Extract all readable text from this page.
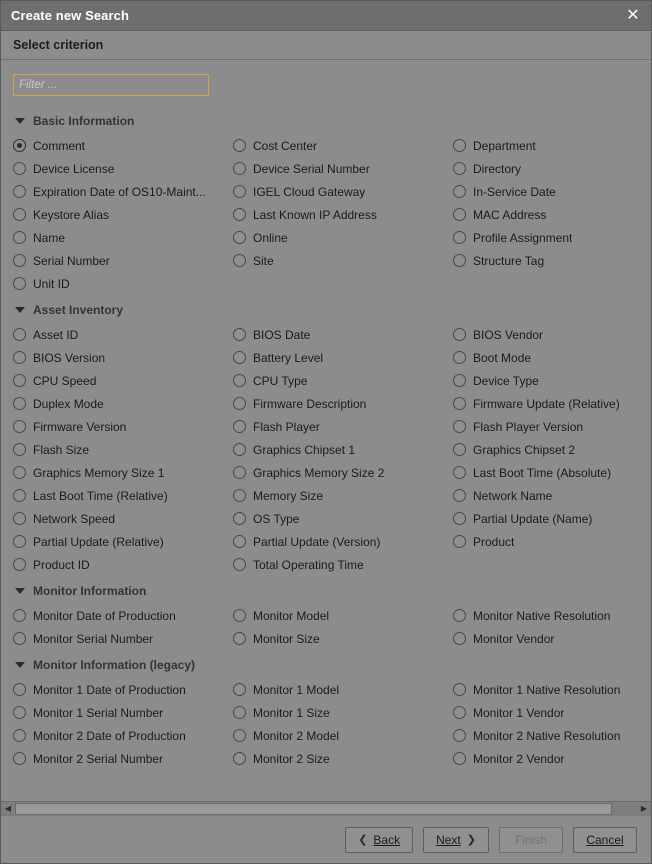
Create new Search	✕
Select criterion
Filter ...
Basic Information
Comment	Cost Center	Department
Device License	Device Serial Number	Directory
Expiration Date of OS10-Maint...	IGEL Cloud Gateway	In-Service Date
Keystore Alias	Last Known IP Address	MAC Address
Name	Online	Profile Assignment
Serial Number	Site	Structure Tag
Unit ID
Asset Inventory
Asset ID	BIOS Date	BIOS Vendor
BIOS Version	Battery Level	Boot Mode
CPU Speed	CPU Type	Device Type
Duplex Mode	Firmware Description	Firmware Update (Relative)
Firmware Version	Flash Player	Flash Player Version
Flash Size	Graphics Chipset 1	Graphics Chipset 2
Graphics Memory Size 1	Graphics Memory Size 2	Last Boot Time (Absolute)
Last Boot Time (Relative)	Memory Size	Network Name
Network Speed	OS Type	Partial Update (Name)
Partial Update (Relative)	Partial Update (Version)	Product
Product ID	Total Operating Time
Monitor Information
Monitor Date of Production	Monitor Model	Monitor Native Resolution
Monitor Serial Number	Monitor Size	Monitor Vendor
Monitor Information (legacy)
Monitor 1 Date of Production	Monitor 1 Model	Monitor 1 Native Resolution
Monitor 1 Serial Number	Monitor 1 Size	Monitor 1 Vendor
Monitor 2 Date of Production	Monitor 2 Model	Monitor 2 Native Resolution
Monitor 2 Serial Number	Monitor 2 Size	Monitor 2 Vendor
◀	▶
❮ Back	Next ❯	Finish	Cancel
